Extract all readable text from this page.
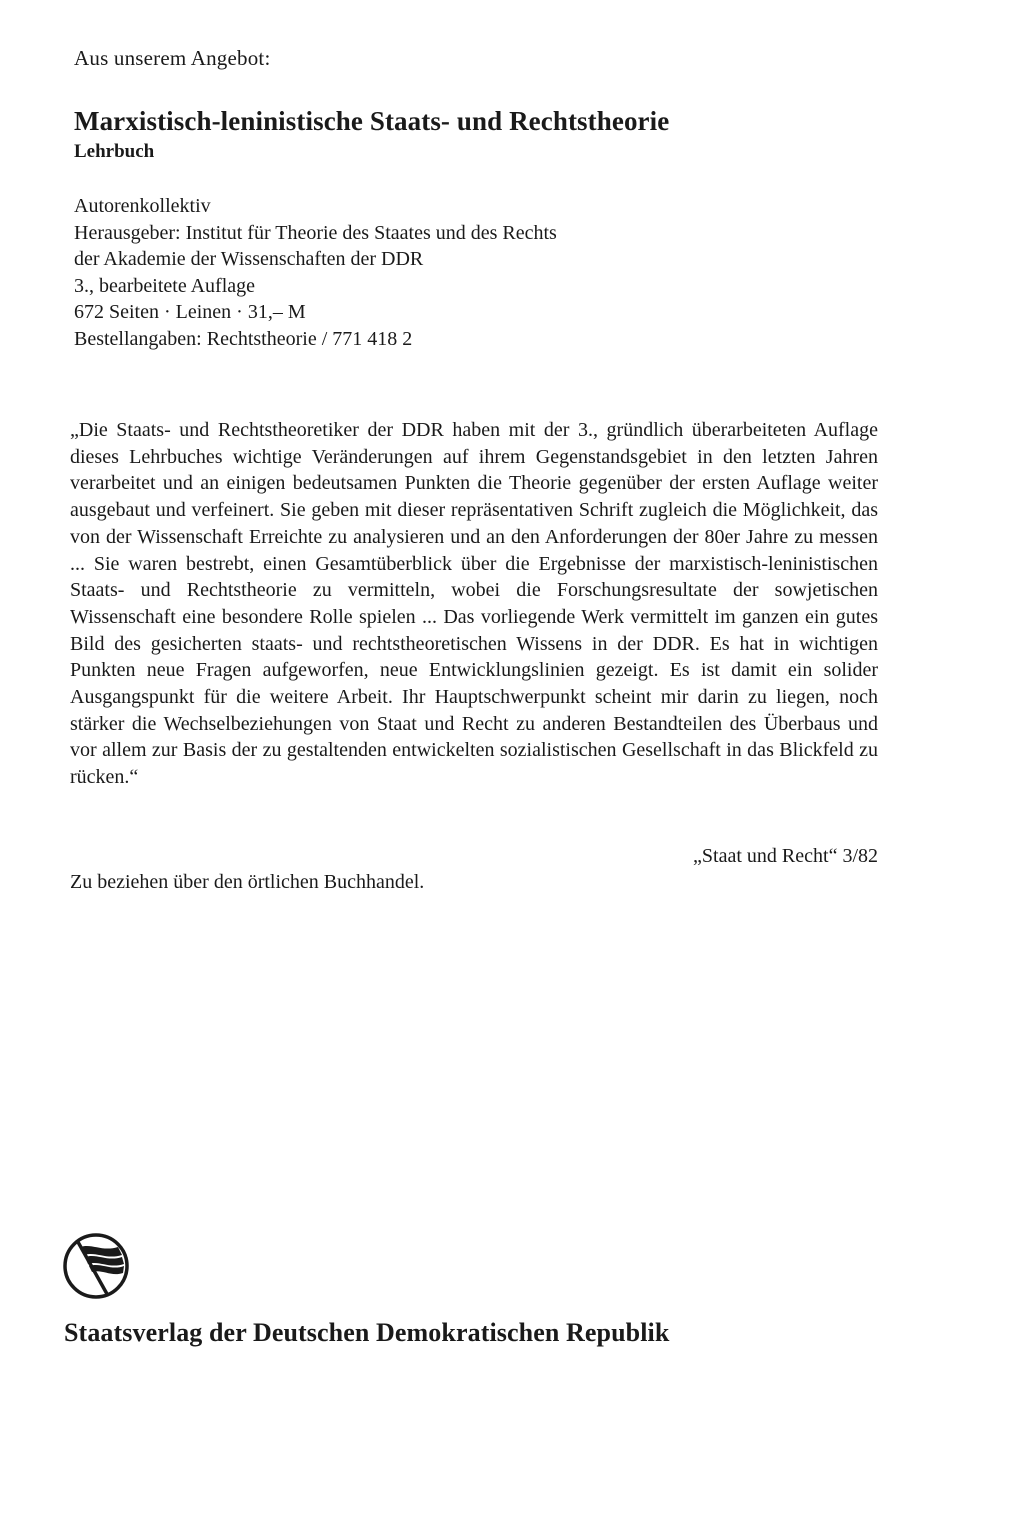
Aus unserem Angebot:
Marxistisch-leninistische Staats- und Rechtstheorie
Lehrbuch
Autorenkollektiv
Herausgeber: Institut für Theorie des Staates und des Rechts
der Akademie der Wissenschaften der DDR
3., bearbeitete Auflage
672 Seiten · Leinen · 31,– M
Bestellangaben: Rechtstheorie / 771 418 2

„Die Staats- und Rechtstheoretiker der DDR haben mit der 3., gründlich überarbeiteten Auflage dieses Lehrbuches wichtige Veränderungen auf ihrem Gegenstandsgebiet in den letzten Jahren verarbeitet und an einigen bedeutsamen Punkten die Theorie gegenüber der ersten Auflage weiter ausgebaut und verfeinert. Sie geben mit dieser repräsentativen Schrift zugleich die Möglichkeit, das von der Wissenschaft Erreichte zu analysieren und an den Anforderungen der 80er Jahre zu messen ... Sie waren bestrebt, einen Gesamtüberblick über die Ergebnisse der marxistisch-leninistischen Staats- und Rechtstheorie zu vermitteln, wobei die Forschungsresultate der sowjetischen Wissenschaft eine besondere Rolle spielen ... Das vorliegende Werk vermittelt im ganzen ein gutes Bild des gesicherten staats- und rechtstheoretischen Wissens in der DDR. Es hat in wichtigen Punkten neue Fragen aufgeworfen, neue Entwicklungslinien gezeigt. Es ist damit ein solider Ausgangspunkt für die weitere Arbeit. Ihr Hauptschwerpunkt scheint mir darin zu liegen, noch stärker die Wechselbeziehungen von Staat und Recht zu anderen Bestandteilen des Überbaus und vor allem zur Basis der zu gestaltenden entwickelten sozialistischen Gesellschaft in das Blickfeld zu rücken.“

„Staat und Recht“ 3/82
Zu beziehen über den örtlichen Buchhandel.
Staatsverlag der Deutschen Demokratischen Republik
